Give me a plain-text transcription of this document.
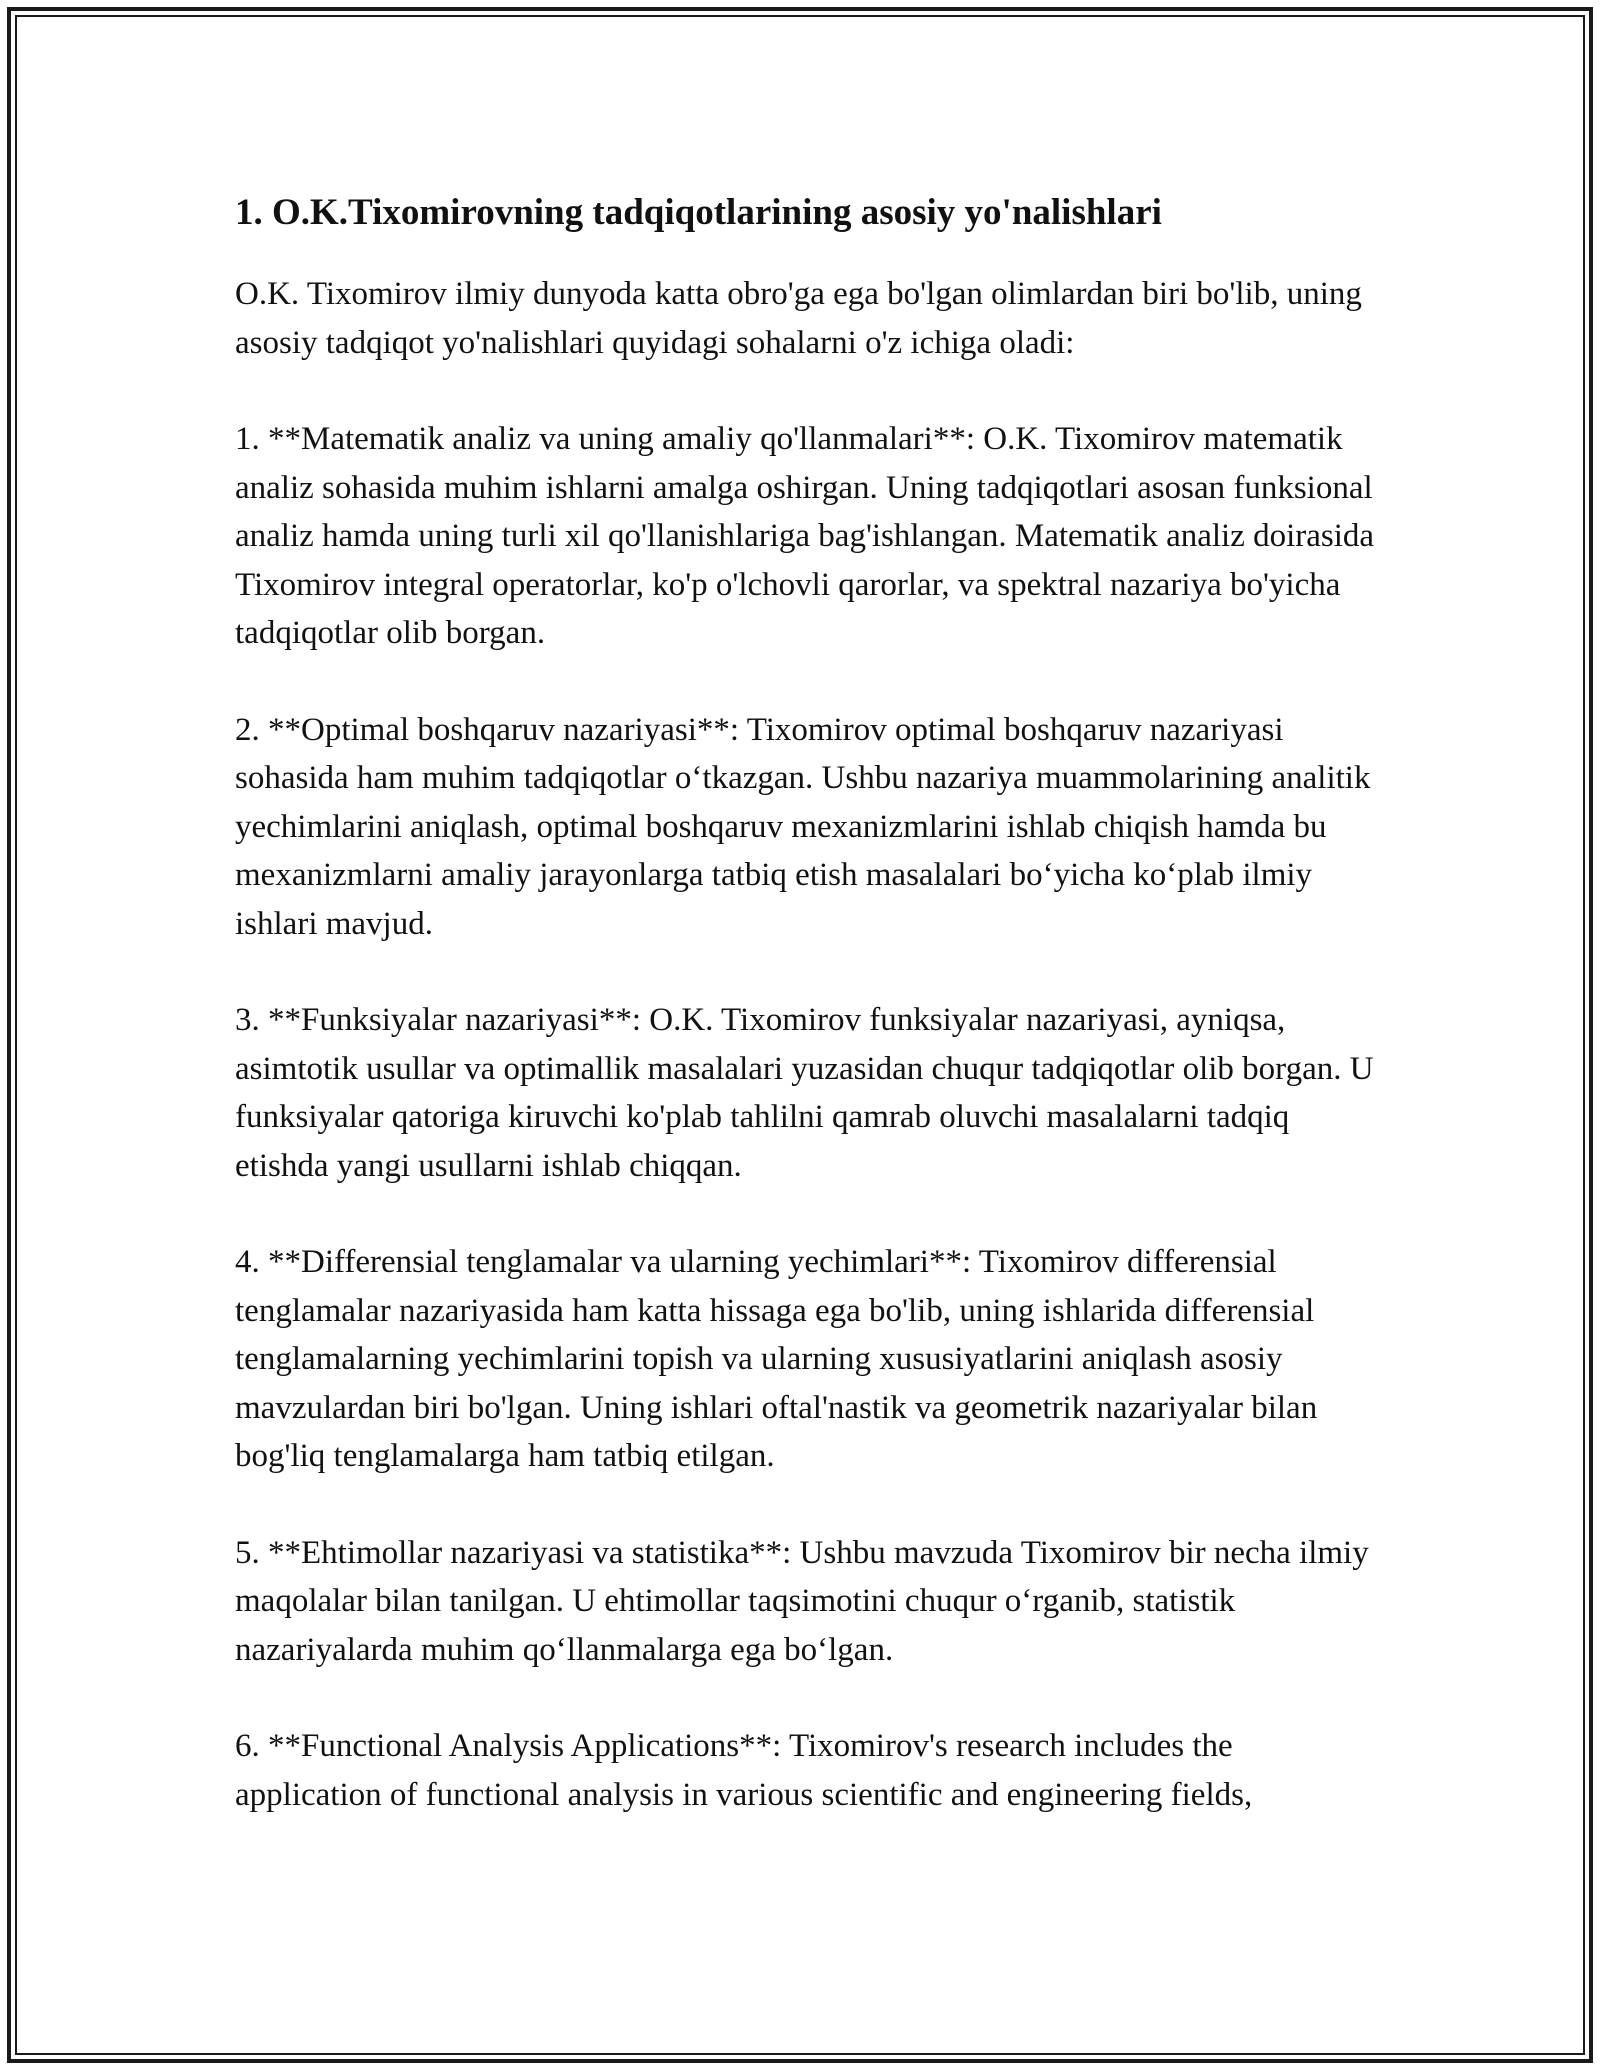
1. O.K.Tixomirovning tadqiqotlarining asosiy yo'nalishlari

O.K. Tixomirov ilmiy dunyoda katta obro'ga ega bo'lgan olimlardan biri bo'lib, uning asosiy tadqiqot yo'nalishlari quyidagi sohalarni o'z ichiga oladi:

1. **Matematik analiz va uning amaliy qo'llanmalari**: O.K. Tixomirov matematik analiz sohasida muhim ishlarni amalga oshirgan. Uning tadqiqotlari asosan funksional analiz hamda uning turli xil qo'llanishlariga bag'ishlangan. Matematik analiz doirasida Tixomirov integral operatorlar, ko'p o'lchovli qarorlar, va spektral nazariya bo'yicha tadqiqotlar olib borgan.

2. **Optimal boshqaruv nazariyasi**: Tixomirov optimal boshqaruv nazariyasi sohasida ham muhim tadqiqotlar o‘tkazgan. Ushbu nazariya muammolarining analitik yechimlarini aniqlash, optimal boshqaruv mexanizmlarini ishlab chiqish hamda bu mexanizmlarni amaliy jarayonlarga tatbiq etish masalalari bo‘yicha ko‘plab ilmiy ishlari mavjud.

3. **Funksiyalar nazariyasi**: O.K. Tixomirov funksiyalar nazariyasi, ayniqsa, asimtotik usullar va optimallik masalalari yuzasidan chuqur tadqiqotlar olib borgan. U funksiyalar qatoriga kiruvchi ko'plab tahlilni qamrab oluvchi masalalarni tadqiq etishda yangi usullarni ishlab chiqqan.

4. **Differensial tenglamalar va ularning yechimlari**: Tixomirov differensial tenglamalar nazariyasida ham katta hissaga ega bo'lib, uning ishlarida differensial tenglamalarning yechimlarini topish va ularning xususiyatlarini aniqlash asosiy mavzulardan biri bo'lgan. Uning ishlari oftal'nastik va geometrik nazariyalar bilan bog'liq tenglamalarga ham tatbiq etilgan.

5. **Ehtimollar nazariyasi va statistika**: Ushbu mavzuda Tixomirov bir necha ilmiy maqolalar bilan tanilgan. U ehtimollar taqsimotini chuqur o‘rganib, statistik nazariyalarda muhim qo‘llanmalarga ega bo‘lgan.

6. **Functional Analysis Applications**: Tixomirov's research includes the application of functional analysis in various scientific and engineering fields,
